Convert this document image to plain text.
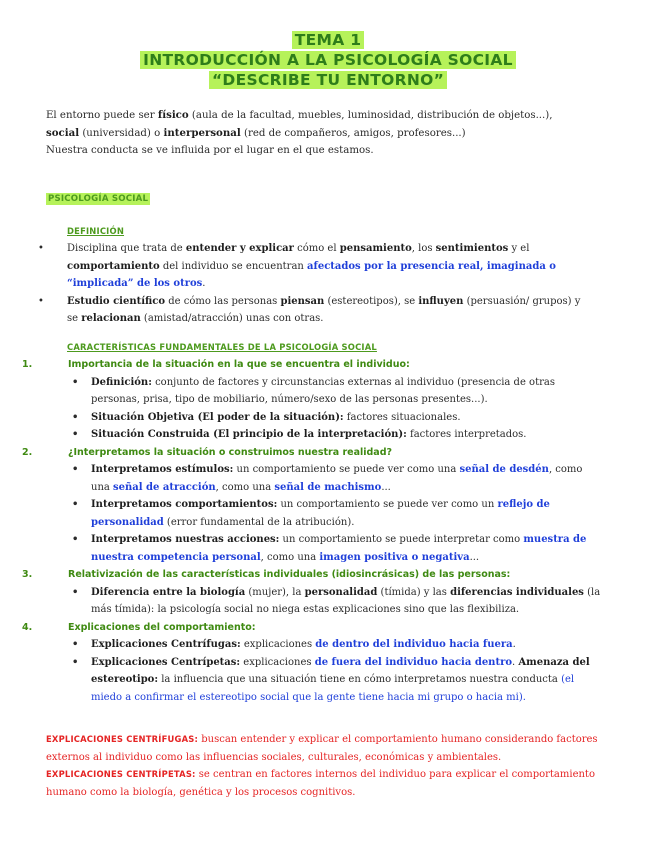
TEMA 1
INTRODUCCIÓN A LA PSICOLOGÍA SOCIAL
“DESCRIBE TU ENTORNO”
El entorno puede ser físico (aula de la facultad, muebles, luminosidad, distribución de objetos...),
social (universidad) o interpersonal (red de compañeros, amigos, profesores...)
Nuestra conducta se ve influida por el lugar en el que estamos.
PSICOLOGÍA SOCIAL
DEFINICIÓN
• Disciplina que trata de entender y explicar cómo el pensamiento, los sentimientos y el comportamiento del individuo se encuentran afectados por la presencia real, imaginada o “implicada” de los otros.
• Estudio científico de cómo las personas piensan (estereotipos), se influyen (persuasión/ grupos) y se relacionan (amistad/atracción) unas con otras.
CARACTERÍSTICAS FUNDAMENTALES DE LA PSICOLOGÍA SOCIAL
1.	Importancia de la situación en la que se encuentra el individuo:
• Definición: conjunto de factores y circunstancias externas al individuo (presencia de otras personas, prisa, tipo de mobiliario, número/sexo de las personas presentes...).
• Situación Objetiva (El poder de la situación): factores situacionales.
• Situación Construida (El principio de la interpretación): factores interpretados.
2.	¿Interpretamos la situación o construimos nuestra realidad?
• Interpretamos estímulos: un comportamiento se puede ver como una señal de desdén, como una señal de atracción, como una señal de machismo...
• Interpretamos comportamientos: un comportamiento se puede ver como un reflejo de personalidad (error fundamental de la atribución).
• Interpretamos nuestras acciones: un comportamiento se puede interpretar como muestra de nuestra competencia personal, como una imagen positiva o negativa...
3.	Relativización de las características individuales (idiosincrásicas) de las personas:
• Diferencia entre la biología (mujer), la personalidad (tímida) y las diferencias individuales (la más tímida): la psicología social no niega estas explicaciones sino que las flexibiliza.
4.	Explicaciones del comportamiento:
• Explicaciones Centrífugas: explicaciones de dentro del individuo hacia fuera.
• Explicaciones Centrípetas: explicaciones de fuera del individuo hacia dentro. Amenaza del estereotipo: la influencia que una situación tiene en cómo interpretamos nuestra conducta (el miedo a confirmar el estereotipo social que la gente tiene hacia mi grupo o hacia mi).
EXPLICACIONES CENTRÍFUGAS: buscan entender y explicar el comportamiento humano considerando factores externos al individuo como las influencias sociales, culturales, económicas y ambientales.
EXPLICACIONES CENTRÍPETAS: se centran en factores internos del individuo para explicar el comportamiento humano como la biología, genética y los procesos cognitivos.
